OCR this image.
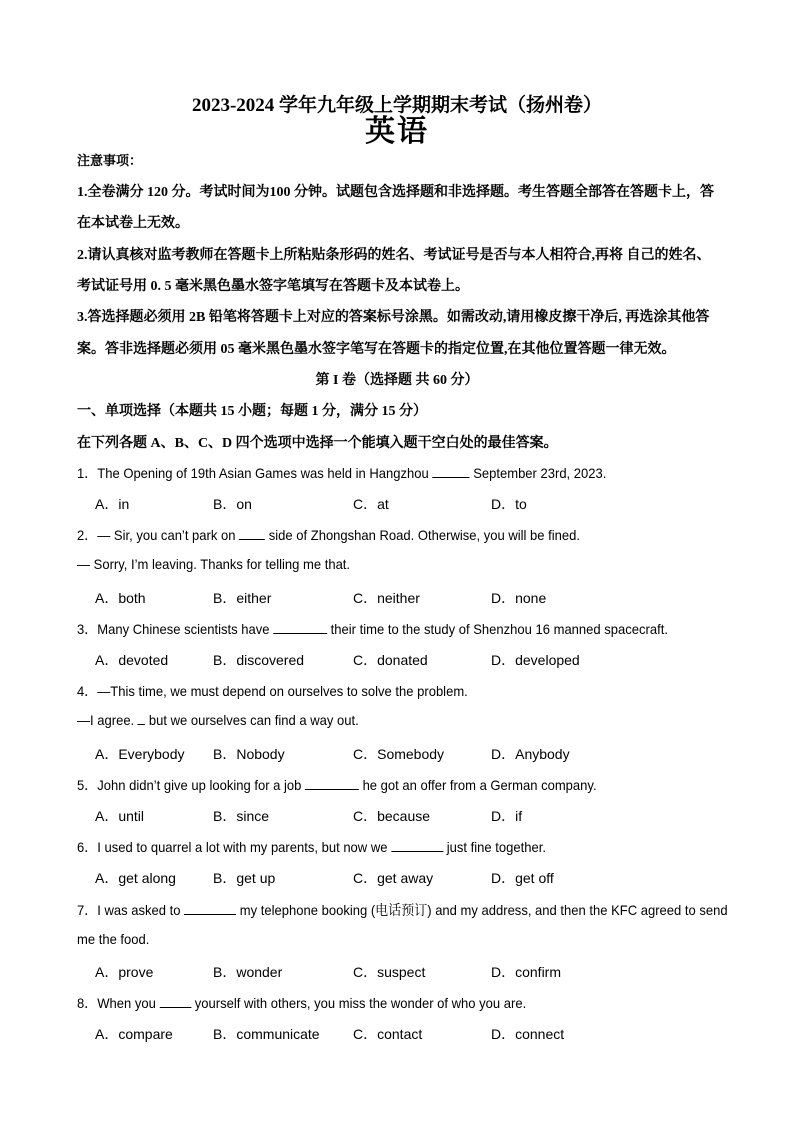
2023-2024 学年九年级上学期期末考试（扬州卷）
英语
注意事项：
1.全卷满分 120 分。考试时间为100 分钟。试题包含选择题和非选择题。考生答题全部答在答题卡上，答
在本试卷上无效。
2.请认真核对监考教师在答题卡上所粘贴条形码的姓名、考试证号是否与本人相符合,再将 自己的姓名、
考试证号用 0. 5 毫米黑色墨水签字笔填写在答题卡及本试卷上。
3.答选择题必须用 2B 铅笔将答题卡上对应的答案标号涂黑。如需改动,请用橡皮擦干净后, 再选涂其他答
案。答非选择题必须用 05 毫米黑色墨水签字笔写在答题卡的指定位置,在其他位置答题一律无效。
第 I 卷（选择题 共 60 分）
一、单项选择（本题共 15 小题；每题 1 分，满分 15 分）
在下列各题 A、B、C、D 四个选项中选择一个能填入题干空白处的最佳答案。
1．The Opening of 19th Asian Games was held in Hangzhou	September 23rd, 2023.
A．in	B．on	C．at	D．to
2．— Sir, you can’t park on  side of Zhongshan Road. Otherwise, you will be fined.
— Sorry, I’m leaving. Thanks for telling me that.
A．both	B．either	C．neither	D．none
3．Many Chinese scientists have	their time to the study of Shenzhou 16 manned spacecraft.
A．devoted	B．discovered	C．donated	D．developed
4．—This time, we must depend on ourselves to solve the problem.
—I agree.  but we ourselves can find a way out.
A．Everybody B．Nobody	C．Somebody	D．Anybody
5．John didn’t give up looking for a job	he got an offer from a German company.
A．until	B．since	C．because	D．if
6．I used to quarrel a lot with my parents, but now we	just fine together.
A．get along	B．get up	C．get away	D．get off
7．I was asked to	my telephone booking (电话预订) and my address, and then the KFC agreed to send
me the food.
A．prove	B．wonder	C．suspect	D．confirm
8．When you  yourself with others, you miss the wonder of who you are.
A．compare	B．communicate C．contact	D．connect
